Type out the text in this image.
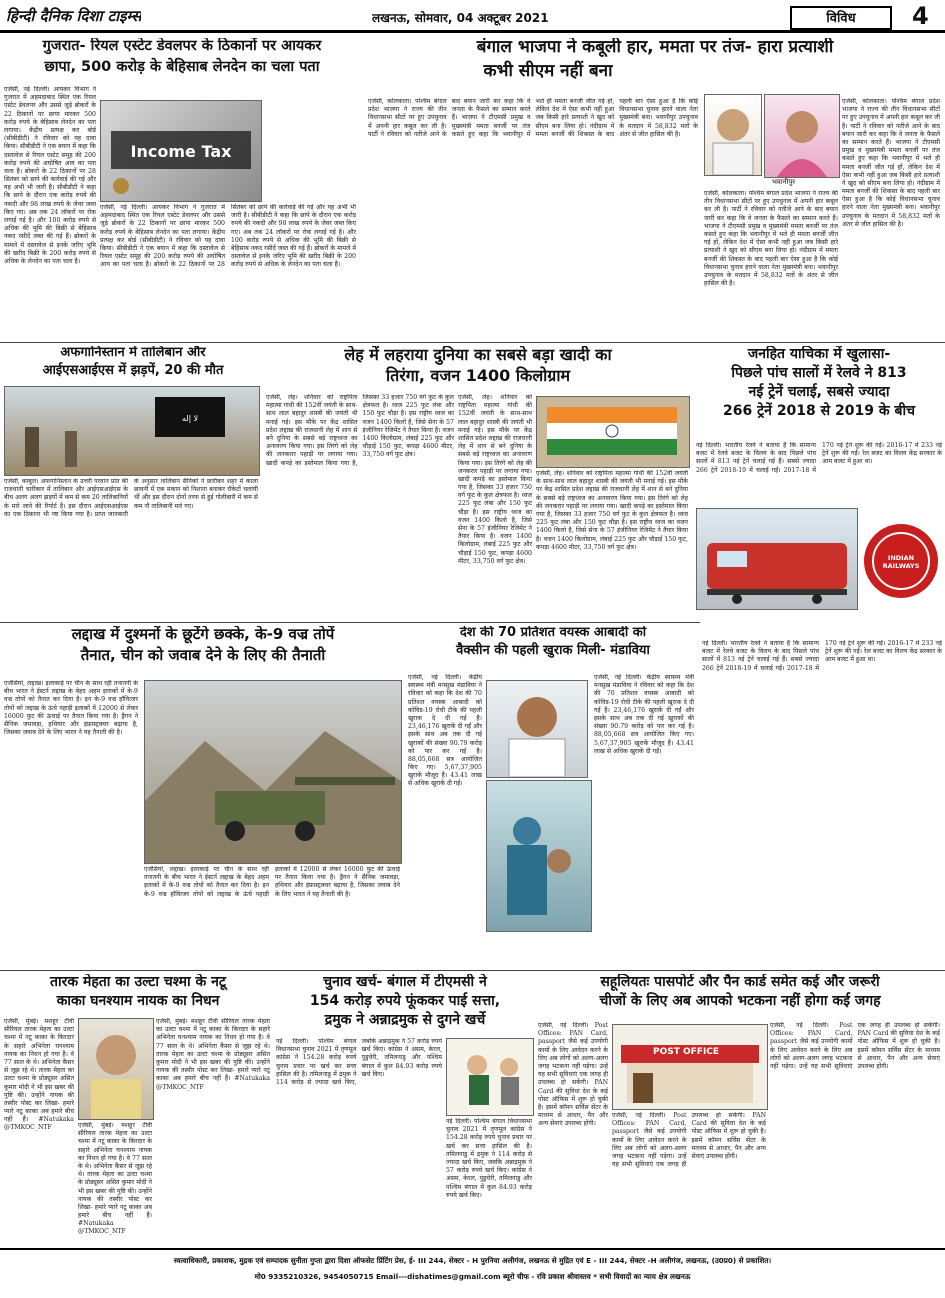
हिन्दी दैनिक दिशा टाइम्स	लखनऊ, सोमवार, 04 अक्टूबर 2021	विविध	4
गुजरात- रियल एस्टेट डेवलपर के ठिकानों पर आयकर
छापा, 500 करोड़ के बेहिसाब लेनदेन का चला पता
एजेंसी, नई दिल्ली। आयकर विभाग ने गुजरात में अहमदाबाद स्थित एक रियल एस्टेट डेवलपर और उससे जुड़े ब्रोकरों के 22 ठिकानों पर छापा मारकर 500 करोड़ रुपये के बेहिसाब लेनदेन का पता लगाया। केंद्रीय प्रत्यक्ष कर बोर्ड (सीबीडीटी) ने रविवार को यह दावा किया। सीबीडीटी ने एक बयान में कहा कि दस्तावेज से रियल एस्टेट समूह की 200 करोड़ रुपये की अघोषित आय का पता चला है। ब्रोकरों के 22 ठिकानों पर 28 सितंबर को छापे की कार्रवाई की गई और यह अभी भी जारी है। सीबीडीटी ने कहा कि छापे के दौरान एक करोड़ रुपये की नकदी और 98 लाख रुपये के जेवर जब्त किए गए। अब तक 24 लॉकरों पर रोक लगाई गई है। और 100 करोड़ रुपये से अधिक की भूमि की बिक्री से बेहिसाब नकद रसीदें जब्त की गई हैं। ब्रोकरों के मामले में दस्तावेज से इनके जरिए भूमि की खरीद बिक्री के 200 करोड़ रुपये से अधिक के लेनदेन का पता चला है।
Income Tax
एजेंसी, नई दिल्ली। आयकर विभाग ने गुजरात में अहमदाबाद स्थित एक रियल एस्टेट डेवलपर और उससे जुड़े ब्रोकरों के 22 ठिकानों पर छापा मारकर 500 करोड़ रुपये के बेहिसाब लेनदेन का पता लगाया। केंद्रीय प्रत्यक्ष कर बोर्ड (सीबीडीटी) ने रविवार को यह दावा किया। सीबीडीटी ने एक बयान में कहा कि दस्तावेज से रियल एस्टेट समूह की 200 करोड़ रुपये की अघोषित आय का पता चला है। ब्रोकरों के 22 ठिकानों पर 28 सितंबर को छापे की कार्रवाई की गई और यह अभी भी जारी है। सीबीडीटी ने कहा कि छापे के दौरान एक करोड़ रुपये की नकदी और 98 लाख रुपये के जेवर जब्त किए गए। अब तक 24 लॉकरों पर रोक लगाई गई है। और 100 करोड़ रुपये से अधिक की भूमि की बिक्री से बेहिसाब नकद रसीदें जब्त की गई हैं। ब्रोकरों के मामले में दस्तावेज से इनके जरिए भूमि की खरीद बिक्री के 200 करोड़ रुपये से अधिक के लेनदेन का पता चला है।
बंगाल भाजपा ने कबूली हार, ममता पर तंज- हारा प्रत्याशी
कभी सीएम नहीं बना
एजेंसी, कोलकाता। पश्चिम बंगाल प्रदेश भाजपा ने राज्य की तीन विधानसभा सीटों पर हुए उपचुनाव में अपनी हार कबूल कर ली है। पार्टी ने रविवार को नतीजे आने के बाद बयान जारी कर कहा कि वे जनता के फैसले का सम्मान करते हैं। भाजपा ने टीएमसी प्रमुख व मुख्यमंत्री ममता बनर्जी पर तंज कसते हुए कहा कि भवानीपुर में भले ही ममता बनर्जी जीत गई हों, लेकिन देश में ऐसा कभी नहीं हुआ जब किसी हारे प्रत्याशी ने खुद को सीएम बना लिया हो। नंदीग्राम में ममता बनर्जी की शिकस्त के बाद पहली बार ऐसा हुआ है कि कोई विधानसभा चुनाव हारने वाला नेता मुख्यमंत्री बना। भवानीपुर उपचुनाव के मतदान में 58,832 मतों के अंतर से जीत हासिल की है।
भवानीपुर
एजेंसी, कोलकाता। पश्चिम बंगाल प्रदेश भाजपा ने राज्य की तीन विधानसभा सीटों पर हुए उपचुनाव में अपनी हार कबूल कर ली है। पार्टी ने रविवार को नतीजे आने के बाद बयान जारी कर कहा कि वे जनता के फैसले का सम्मान करते हैं। भाजपा ने टीएमसी प्रमुख व मुख्यमंत्री ममता बनर्जी पर तंज कसते हुए कहा कि भवानीपुर में भले ही ममता बनर्जी जीत गई हों, लेकिन देश में ऐसा कभी नहीं हुआ जब किसी हारे प्रत्याशी ने खुद को सीएम बना लिया हो। नंदीग्राम में ममता बनर्जी की शिकस्त के बाद पहली बार ऐसा हुआ है कि कोई विधानसभा चुनाव हारने वाला नेता मुख्यमंत्री बना। भवानीपुर उपचुनाव के मतदान में 58,832 मतों के अंतर से जीत हासिल की है।
एजेंसी, कोलकाता। पश्चिम बंगाल प्रदेश भाजपा ने राज्य की तीन विधानसभा सीटों पर हुए उपचुनाव में अपनी हार कबूल कर ली है। पार्टी ने रविवार को नतीजे आने के बाद बयान जारी कर कहा कि वे जनता के फैसले का सम्मान करते हैं। भाजपा ने टीएमसी प्रमुख व मुख्यमंत्री ममता बनर्जी पर तंज कसते हुए कहा कि भवानीपुर में भले ही ममता बनर्जी जीत गई हों, लेकिन देश में ऐसा कभी नहीं हुआ जब किसी हारे प्रत्याशी ने खुद को सीएम बना लिया हो। नंदीग्राम में ममता बनर्जी की शिकस्त के बाद पहली बार ऐसा हुआ है कि कोई विधानसभा चुनाव हारने वाला नेता मुख्यमंत्री बना। भवानीपुर उपचुनाव के मतदान में 58,832 मतों के अंतर से जीत हासिल की है।
अफगानिस्तान में तालिबान और
आईएसआईएस में झड़पें, 20 की मौत
لا إله
एजेंसी, काबुल। अफगानिस्तान के उत्तरी परवान प्रांत की राजधानी चारीकार में तालिबान और आईएसआईएस के बीच अलग अलग झड़पों में कम से कम 20 तालिबानियों के मारे जाने की रिपोर्ट है। इस दौरान आईएसआईएस का एक ठिकाना भी नष्ट किया गया है। प्राप्त जानकारी के अनुसार तालिबान सैनिकों ने छारीकर शहर में काला छावनी में एक मकान को निशाना बनाकर रॉकेटों चलायी थीं और इस दौरान दोनों तरफ से हुई गोलीबारी में कम से कम नौ तालिबानी मारे गए।
लेह में लहराया दुनिया का सबसे बड़ा खादी का
तिरंगा, वजन 1400 किलोग्राम
एजेंसी, लेह। शनिवार को राष्ट्रपिता महात्मा गांधी की 152वीं जयंती के साथ-साथ लाल बहादुर शास्त्री की जयंती भी मनाई गई। इस मौके पर केंद्र शासित प्रदेश लद्दाख की राजधानी लेह में शान से बने दुनिया के सबसे बड़े राष्ट्रध्वज का अनावरण किया गया। इस तिरंगे को लेह की जनकरार पहाड़ी पर लगाया गया। खादी कपड़े का इस्तेमाल किया गया है, जिसका 33 हजार 750 वर्ग फुट के कुल क्षेत्रफल है। ध्वज 225 फुट लंबा और 150 फुट चौड़ा है। इस राष्ट्रीय ध्वज का वजन 1400 किलो है, जिसे सेना के 57 इंजीनियर रेजिमेंट ने तैयार किया है। वजन 1400 किलोग्राम, लंबाई 225 फुट और चौड़ाई 150 फुट, कपड़ा 4600 मीटर, 33,750 वर्ग फुट क्षेत्र।
एजेंसी, लेह। शनिवार को राष्ट्रपिता महात्मा गांधी की 152वीं जयंती के साथ-साथ लाल बहादुर शास्त्री की जयंती भी मनाई गई। इस मौके पर केंद्र शासित प्रदेश लद्दाख की राजधानी लेह में शान से बने दुनिया के सबसे बड़े राष्ट्रध्वज का अनावरण किया गया। इस तिरंगे को लेह की जनकरार पहाड़ी पर लगाया गया। खादी कपड़े का इस्तेमाल किया गया है, जिसका 33 हजार 750 वर्ग फुट के कुल क्षेत्रफल है। ध्वज 225 फुट लंबा और 150 फुट चौड़ा है। इस राष्ट्रीय ध्वज का वजन 1400 किलो है, जिसे सेना के 57 इंजीनियर रेजिमेंट ने तैयार किया है। वजन 1400 किलोग्राम, लंबाई 225 फुट और चौड़ाई 150 फुट, कपड़ा 4600 मीटर, 33,750 वर्ग फुट क्षेत्र।
एजेंसी, लेह। शनिवार को राष्ट्रपिता महात्मा गांधी की 152वीं जयंती के साथ-साथ लाल बहादुर शास्त्री की जयंती भी मनाई गई। इस मौके पर केंद्र शासित प्रदेश लद्दाख की राजधानी लेह में शान से बने दुनिया के सबसे बड़े राष्ट्रध्वज का अनावरण किया गया। इस तिरंगे को लेह की जनकरार पहाड़ी पर लगाया गया। खादी कपड़े का इस्तेमाल किया गया है, जिसका 33 हजार 750 वर्ग फुट के कुल क्षेत्रफल है। ध्वज 225 फुट लंबा और 150 फुट चौड़ा है। इस राष्ट्रीय ध्वज का वजन 1400 किलो है, जिसे सेना के 57 इंजीनियर रेजिमेंट ने तैयार किया है। वजन 1400 किलोग्राम, लंबाई 225 फुट और चौड़ाई 150 फुट, कपड़ा 4600 मीटर, 33,750 वर्ग फुट क्षेत्र।
जनहित याचिका में खुलासा-
पिछले पांच सालों में रेलवे ने 813
नई ट्रेनें चलाई, सबसे ज्यादा
266 ट्रेनें 2018 से 2019 के बीच
नई दिल्ली। भारतीय रेलवे ने बताया है कि सामान्य बजट में रेलवे बजट के विलय के बाद पिछले पांच सालों में 813 नई ट्रेनें चलाई गई हैं। सबसे ज्यादा 266 ट्रेनें 2018-19 में चलाई गईं। 2017-18 में 170 नई ट्रेनें शुरू की गईं। 2016-17 में 233 नई ट्रेनें शुरू की गईं। रेल बजट का विलय केंद्र सरकार के आम बजट में हुआ था।
INDIAN RAILWAYS
लद्दाख में दुश्मनों के छूटेंगे छक्के, के-9 वज्र तोपें
तैनात, चीन को जवाब देने के लिए की तैनाती
एजेंसियां, लद्दाख। इलाकाई पर चीन के साथ रही तनातनी के बीच भारत ने ईस्टर्न लद्दाख के बेहद अहम इलाकों में के-9 वज्र तोपों को तैनात कर दिया है। इन के-9 वज्र हॉवित्जर तोपों को लद्दाख के ऊंचे पहाड़ी इलाकों में 12000 से लेकर 16000 फुट की ऊंचाई पर तैनात किया गया है। ड्रैगन ने सैनिक जमावड़ा, हथियार और इंफ्रास्ट्रक्चर बढ़ाया है, जिसका जवाब देने के लिए भारत ने यह तैनाती की है।
एजेंसियां, लद्दाख। इलाकाई पर चीन के साथ रही तनातनी के बीच भारत ने ईस्टर्न लद्दाख के बेहद अहम इलाकों में के-9 वज्र तोपों को तैनात कर दिया है। इन के-9 वज्र हॉवित्जर तोपों को लद्दाख के ऊंचे पहाड़ी इलाकों में 12000 से लेकर 16000 फुट की ऊंचाई पर तैनात किया गया है। ड्रैगन ने सैनिक जमावड़ा, हथियार और इंफ्रास्ट्रक्चर बढ़ाया है, जिसका जवाब देने के लिए भारत ने यह तैनाती की है।
देश की 70 प्रतिशत वयस्क आबादी को
वैक्सीन की पहली खुराक मिली- मंडाविया
एजेंसी, नई दिल्ली। केंद्रीय स्वास्थ्य मंत्री मनसुख मंडाविया ने रविवार को कहा कि देश की 70 प्रतिशत वयस्क आबादी को कोविड-19 रोधी टीके की पहली खुराक दे दी गई है। 23,46,176 खुराकें दी गईं और इसके साथ अब तक दी गई खुराकों की संख्या 90.79 करोड़ को पार कर गई है। 88,05,668 सत्र आयोजित किए गए। 5,67,37,905 खुराकें मौजूद हैं। 43.41 लाख से अधिक खुराकें दी गईं।
एजेंसी, नई दिल्ली। केंद्रीय स्वास्थ्य मंत्री मनसुख मंडाविया ने रविवार को कहा कि देश की 70 प्रतिशत वयस्क आबादी को कोविड-19 रोधी टीके की पहली खुराक दे दी गई है। 23,46,176 खुराकें दी गईं और इसके साथ अब तक दी गई खुराकों की संख्या 90.79 करोड़ को पार कर गई है। 88,05,668 सत्र आयोजित किए गए। 5,67,37,905 खुराकें मौजूद हैं। 43.41 लाख से अधिक खुराकें दी गईं।
नई दिल्ली। भारतीय रेलवे ने बताया है कि सामान्य बजट में रेलवे बजट के विलय के बाद पिछले पांच सालों में 813 नई ट्रेनें चलाई गई हैं। सबसे ज्यादा 266 ट्रेनें 2018-19 में चलाई गईं। 2017-18 में 170 नई ट्रेनें शुरू की गईं। 2016-17 में 233 नई ट्रेनें शुरू की गईं। रेल बजट का विलय केंद्र सरकार के आम बजट में हुआ था।
तारक मेहता का उल्टा चश्मा के नटू
काका घनश्याम नायक का निधन
एजेंसी, मुंबई। मशहूर टीवी सीरियल तारक मेहता का उल्टा चश्मा में नटू काका के किरदार के सहारे अभिनेता घनश्याम नायक का निधन हो गया है। वे 77 साल के थे। अभिनेता कैंसर से जूझ रहे थे। तारक मेहता का उल्टा चश्मा के प्रोड्यूसर असित कुमार मोदी ने भी इस खबर की पुष्टि की। उन्होंने नायक की तस्वीर पोस्ट कर लिखा- हमारे प्यारे नटू काका अब हमारे बीच नहीं हैं। #Natukaka @TMKOC_NTF	एजेंसी, मुंबई। मशहूर टीवी सीरियल तारक मेहता का उल्टा चश्मा में नटू काका के किरदार के सहारे अभिनेता घनश्याम नायक का निधन हो गया है। वे 77 साल के थे। अभिनेता कैंसर से जूझ रहे थे। तारक मेहता का उल्टा चश्मा के प्रोड्यूसर असित कुमार मोदी ने भी इस खबर की पुष्टि की। उन्होंने नायक की तस्वीर पोस्ट कर लिखा- हमारे प्यारे नटू काका अब हमारे बीच नहीं हैं। #Natukaka @TMKOC_NTF
एजेंसी, मुंबई। मशहूर टीवी सीरियल तारक मेहता का उल्टा चश्मा में नटू काका के किरदार के सहारे अभिनेता घनश्याम नायक का निधन हो गया है। वे 77 साल के थे। अभिनेता कैंसर से जूझ रहे थे। तारक मेहता का उल्टा चश्मा के प्रोड्यूसर असित कुमार मोदी ने भी इस खबर की पुष्टि की। उन्होंने नायक की तस्वीर पोस्ट कर लिखा- हमारे प्यारे नटू काका अब हमारे बीच नहीं हैं। #Natukaka @TMKOC_NTF
चुनाव खर्च- बंगाल में टीएमसी ने
154 करोड़ रुपये फूंककर पाई सत्ता,
द्रमुक ने अन्नाद्रमुक से दुगने खर्चे
नई दिल्ली। पश्चिम बंगाल विधानसभा चुनाव 2021 में तृणमूल कांग्रेस ने 154.28 करोड़ रुपये चुनाव प्रचार पर खर्च कर सत्ता हासिल की है। तमिलनाडु में द्रमुक ने 114 करोड़ से ज्यादा खर्च किए, जबकि अन्नाद्रमुक ने 57 करोड़ रुपये खर्च किए। कांग्रेस ने असम, केरल, पुडुचेरी, तमिलनाडु और पश्चिम बंगाल में कुल 84.93 करोड़ रुपये खर्च किए।
नई दिल्ली। पश्चिम बंगाल विधानसभा चुनाव 2021 में तृणमूल कांग्रेस ने 154.28 करोड़ रुपये चुनाव प्रचार पर खर्च कर सत्ता हासिल की है। तमिलनाडु में द्रमुक ने 114 करोड़ से ज्यादा खर्च किए, जबकि अन्नाद्रमुक ने 57 करोड़ रुपये खर्च किए। कांग्रेस ने असम, केरल, पुडुचेरी, तमिलनाडु और पश्चिम बंगाल में कुल 84.93 करोड़ रुपये खर्च किए।
सहूलियतः पासपोर्ट और पैन कार्ड समेत कई और जरूरी
चीजों के लिए अब आपको भटकना नहीं होगा कई जगह
एजेंसी, नई दिल्ली। Post Offices: PAN Card, passport जैसे कई उपयोगी कामों के लिए आवेदन करने के लिए अब लोगों को अलग-अलग जगह भटकना नहीं पड़ेगा। उन्हें यह सभी सुविधाएं एक जगह ही उपलब्ध हो सकेंगी। PAN Card की सुविधा देश के कई पोस्ट ऑफिस में शुरू हो चुकी है। इसमें कॉमन सर्विस सेंटर के माध्यम से आधार, पैन और अन्य सेवाएं उपलब्ध होंगी।
POST OFFICE
एजेंसी, नई दिल्ली। Post Offices: PAN Card, passport जैसे कई उपयोगी कामों के लिए आवेदन करने के लिए अब लोगों को अलग-अलग जगह भटकना नहीं पड़ेगा। उन्हें यह सभी सुविधाएं एक जगह ही उपलब्ध हो सकेंगी। PAN Card की सुविधा देश के कई पोस्ट ऑफिस में शुरू हो चुकी है। इसमें कॉमन सर्विस सेंटर के माध्यम से आधार, पैन और अन्य सेवाएं उपलब्ध होंगी।
एजेंसी, नई दिल्ली। Post Offices: PAN Card, passport जैसे कई उपयोगी कामों के लिए आवेदन करने के लिए अब लोगों को अलग-अलग जगह भटकना नहीं पड़ेगा। उन्हें यह सभी सुविधाएं एक जगह ही उपलब्ध हो सकेंगी। PAN Card की सुविधा देश के कई पोस्ट ऑफिस में शुरू हो चुकी है। इसमें कॉमन सर्विस सेंटर के माध्यम से आधार, पैन और अन्य सेवाएं उपलब्ध होंगी।
स्वत्वाधिकारी, प्रकाशक, मुद्रक एवं सम्पादक सुनीता गुप्ता द्वारा दिशा ऑफसेट प्रिंटिंग प्रेस, ई- III 244, सेक्टर - H पुरनिया अलीगंज, लखनऊ से मुद्रित एवं E - III 244, सेक्टर -H अलीगंज, लखनऊ, (उ0प्र0) से प्रकाशित।
मो0 9335210326, 9454050715 Email---dishatimes@gmail.com ब्यूरो चीफ - रवि प्रकाश श्रीवास्तव * सभी विवादों का न्याय क्षेत्र लखनऊ
